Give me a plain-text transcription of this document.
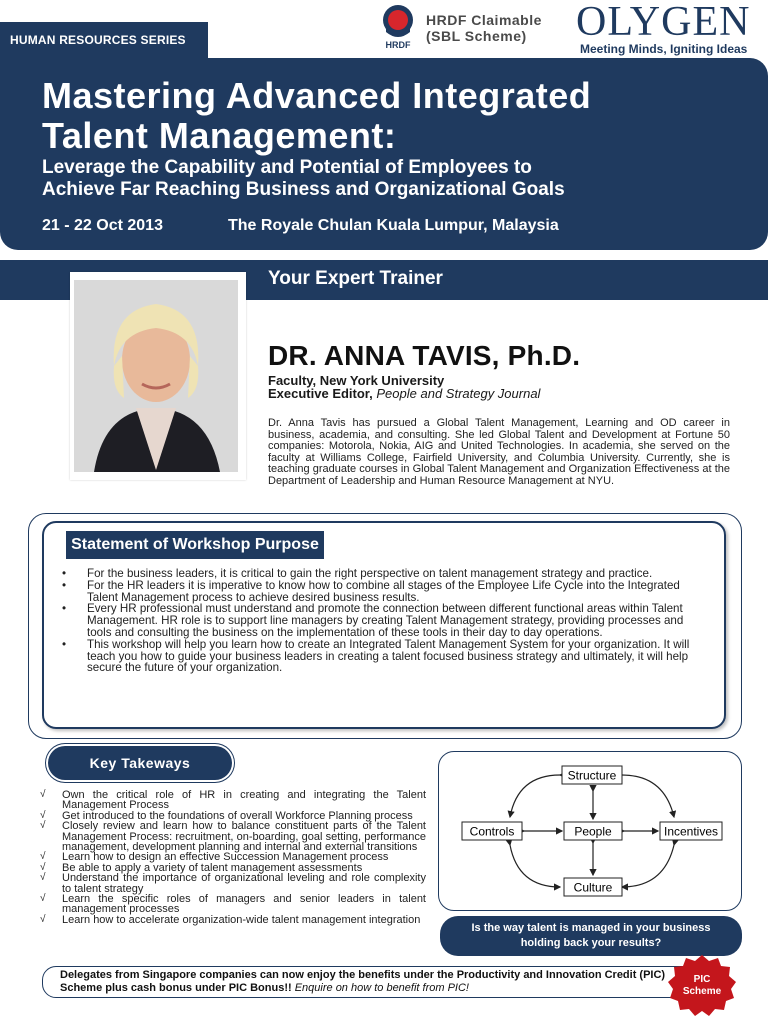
HUMAN RESOURCES SERIES	HRDF
HRDF Claimable
(SBL Scheme)	OLYGEN
Meeting Minds, Igniting Ideas
Mastering Advanced Integrated
Talent Management:
Leverage the Capability and Potential of Employees to
Achieve Far Reaching Business and Organizational Goals
21 - 22 Oct 2013	The Royale Chulan Kuala Lumpur, Malaysia
Your Expert Trainer
DR. ANNA TAVIS, Ph.D.
Faculty, New York University
Executive Editor, People and Strategy Journal
Dr. Anna Tavis has pursued a Global Talent Management, Learning and OD career in business, academia, and consulting. She led Global Talent and Development at Fortune 50 companies: Motorola, Nokia, AIG and United Technologies. In academia, she served on the faculty at Williams College, Fairfield University, and Columbia University. Currently, she is teaching graduate courses in Global Talent Management and Organization Effectiveness at the Department of Leadership and Human Resource Management at NYU.
Statement of Workshop Purpose
• For the business leaders, it is critical to gain the right perspective on talent management strategy and practice.
• For the HR leaders it is imperative to know how to combine all stages of the Employee Life Cycle into the Integrated Talent Management process to achieve desired business results.
• Every HR professional must understand and promote the connection between different functional areas within Talent Management. HR role is to support line managers by creating Talent Management strategy, providing processes and tools and consulting the business on the implementation of these tools in their day to day operations.
• This workshop will help you learn how to create an Integrated Talent Management System for your organization. It will teach you how to guide your business leaders in creating a talent focused business strategy and ultimately, it will help secure the future of your organization.
Key Takeways
√ Own the critical role of HR in creating and integrating the Talent Management Process
√ Get introduced to the foundations of overall Workforce Planning process
√ Closely review and learn how to balance constituent parts of the Talent Management Process: recruitment, on-boarding, goal setting, performance management, development planning and internal and external transitions
√ Learn how to design an effective Succession Management process
√ Be able to apply a variety of talent management assessments
√ Understand the importance of organizational leveling and role complexity to talent strategy
√ Learn the specific roles of managers and senior leaders in talent management processes
√ Learn how to accelerate organization-wide talent management integration
Structure
Controls	People	Incentives
Culture
Is the way talent is managed in your business
holding back your results?
Delegates from Singapore companies can now enjoy the benefits under the Productivity and Innovation Credit (PIC) Scheme plus cash bonus under PIC Bonus!! Enquire on how to benefit from PIC!
PIC
Scheme
